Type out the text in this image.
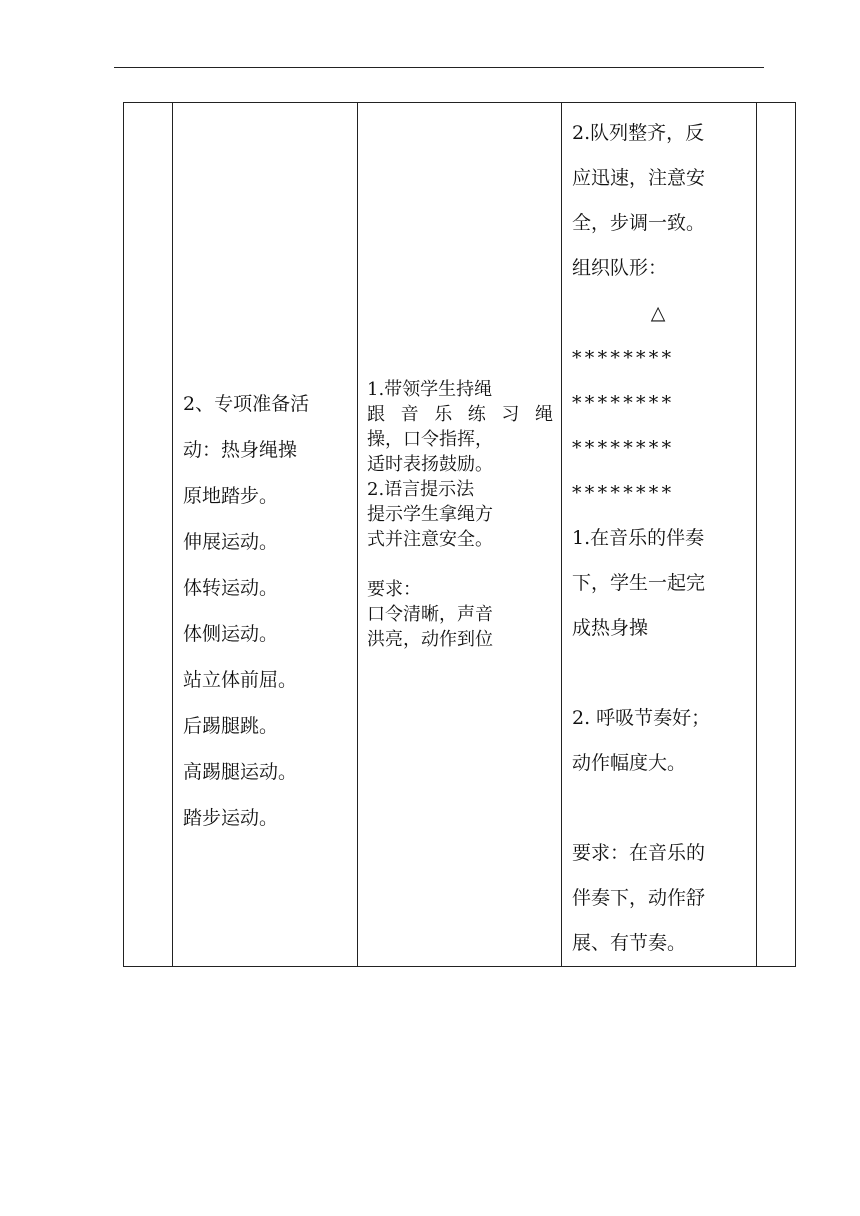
2、专项准备活
动：热身绳操
原地踏步。
伸展运动。
体转运动。
体侧运动。
站立体前屈。
后踢腿跳。
高踢腿运动。
踏步运动。

1.带领学生持绳
跟音乐练习绳
操，口令指挥，
适时表扬鼓励。
2.语言提示法
提示学生拿绳方
式并注意安全。
要求：
口令清晰，声音
洪亮，动作到位

2.队列整齐，反
应迅速，注意安
全，步调一致。
组织队形：
△
********
********
********
********
1.在音乐的伴奏
下，学生一起完
成热身操
2. 呼吸节奏好；
动作幅度大。
要求：在音乐的
伴奏下，动作舒
展、有节奏。
